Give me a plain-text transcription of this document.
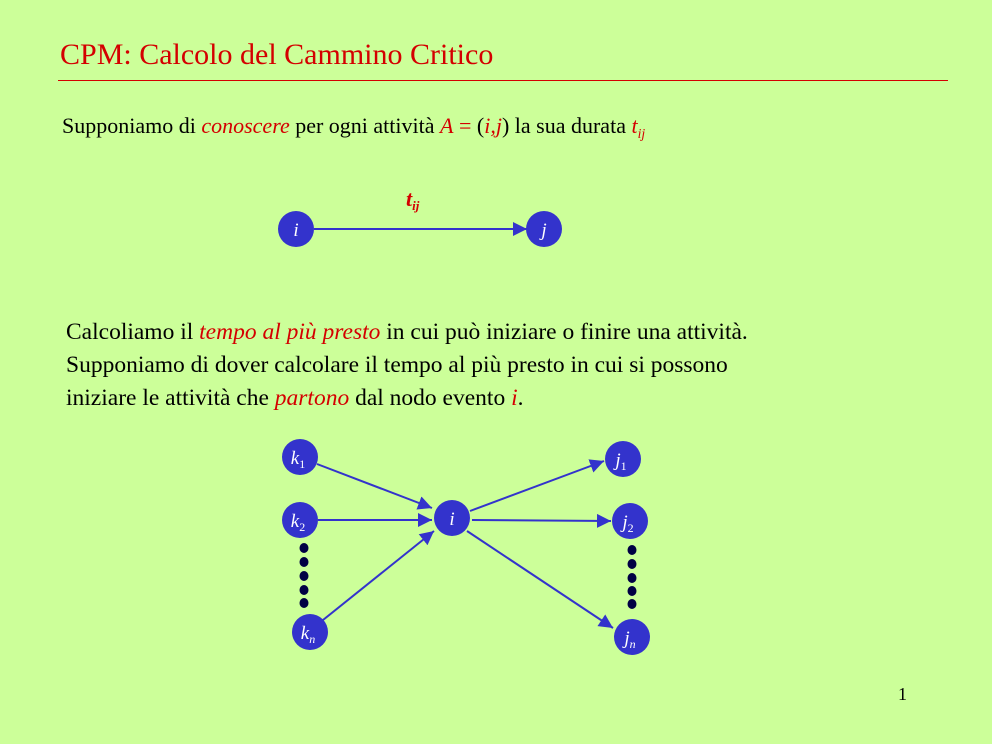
CPM: Calcolo del Cammino Critico
Supponiamo di conoscere per ogni attività A = (i,j) la sua durata $t_{ij}$
Calcoliamo il tempo al più presto in cui può iniziare o finire una attività.
Supponiamo di dover calcolare il tempo al più presto in cui si possono
iniziare le attività che partono dal nodo evento i.
tij
i	j
$k_1$
$k_2$
$k_n$
i
$j_1$
$j_2$
$j_n$
1
